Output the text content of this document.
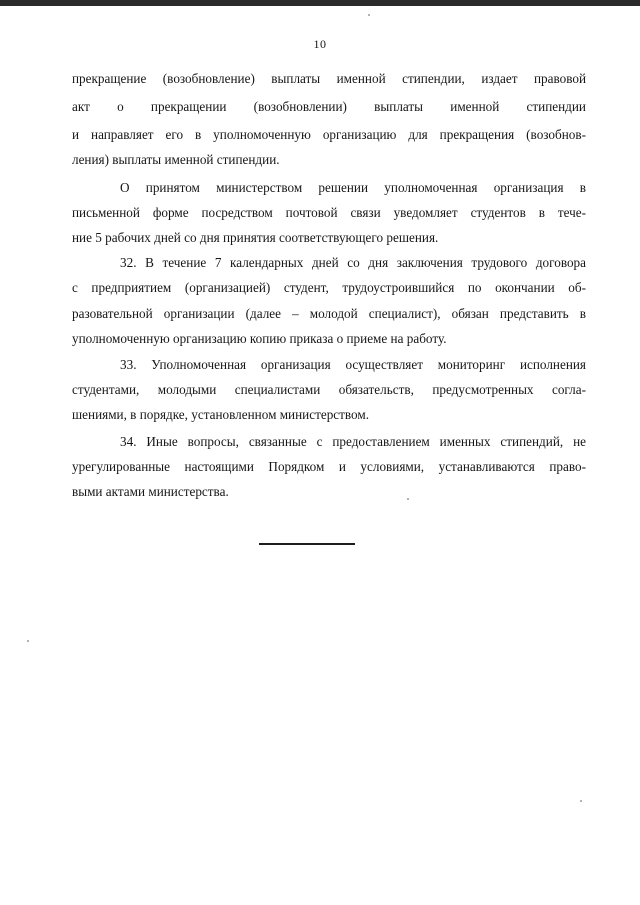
10
прекращение (возобновление) выплаты именной стипендии, издает правовой
акт о прекращении (возобновлении) выплаты именной стипендии
и направляет его в уполномоченную организацию для прекращения (возобнов-
ления) выплаты именной стипендии.
О принятом министерством решении уполномоченная организация в
письменной форме посредством почтовой связи уведомляет студентов в тече-
ние 5 рабочих дней со дня принятия соответствующего решения.
32. В течение 7 календарных дней со дня заключения трудового договора
с предприятием (организацией) студент, трудоустроившийся по окончании об-
разовательной организации (далее – молодой специалист), обязан представить в
уполномоченную организацию копию приказа о приеме на работу.
33. Уполномоченная организация осуществляет мониторинг исполнения
студентами, молодыми специалистами обязательств, предусмотренных согла-
шениями, в порядке, установленном министерством.
34. Иные вопросы, связанные с предоставлением именных стипендий, не
урегулированные настоящими Порядком и условиями, устанавливаются право-
выми актами министерства.
